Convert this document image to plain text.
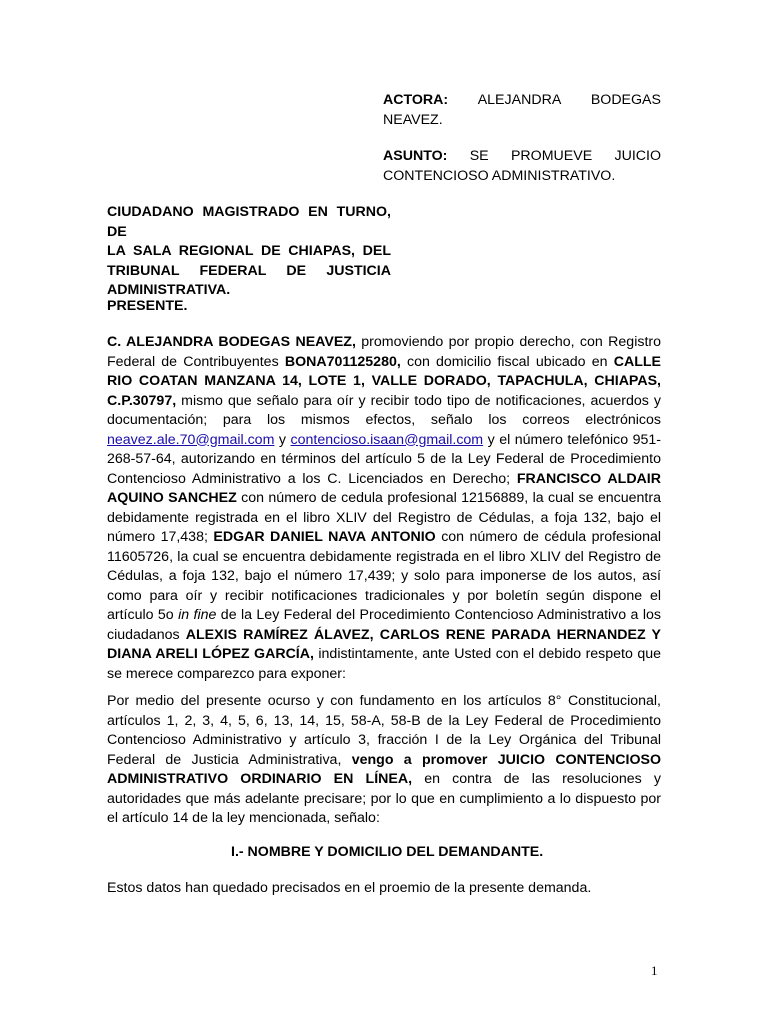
ACTORA: ALEJANDRA BODEGAS
NEAVEZ.
ASUNTO: SE PROMUEVE JUICIO
CONTENCIOSO ADMINISTRATIVO.
CIUDADANO MAGISTRADO EN TURNO, DE
LA SALA REGIONAL DE CHIAPAS, DEL
TRIBUNAL FEDERAL DE JUSTICIA
ADMINISTRATIVA.
PRESENTE.

C. ALEJANDRA BODEGAS NEAVEZ, promoviendo por propio derecho, con Registro Federal de Contribuyentes BONA701125280, con domicilio fiscal ubicado en CALLE RIO COATAN MANZANA 14, LOTE 1, VALLE DORADO, TAPACHULA, CHIAPAS, C.P.30797, mismo que señalo para oír y recibir todo tipo de notificaciones, acuerdos y documentación; para los mismos efectos, señalo los correos electrónicos neavez.ale.70@gmail.com y contencioso.isaan@gmail.com y el número telefónico 951-268-57-64, autorizando en términos del artículo 5 de la Ley Federal de Procedimiento Contencioso Administrativo a los C. Licenciados en Derecho; FRANCISCO ALDAIR AQUINO SANCHEZ con número de cedula profesional 12156889, la cual se encuentra debidamente registrada en el libro XLIV del Registro de Cédulas, a foja 132, bajo el número 17,438; EDGAR DANIEL NAVA ANTONIO con número de cédula profesional 11605726, la cual se encuentra debidamente registrada en el libro XLIV del Registro de Cédulas, a foja 132, bajo el número 17,439; y solo para imponerse de los autos, así como para oír y recibir notificaciones tradicionales y por boletín según dispone el artículo 5o in fine de la Ley Federal del Procedimiento Contencioso Administrativo a los ciudadanos ALEXIS RAMÍREZ ÁLAVEZ, CARLOS RENE PARADA HERNANDEZ Y DIANA ARELI LÓPEZ GARCÍA, indistintamente, ante Usted con el debido respeto que se merece comparezco para exponer:

Por medio del presente ocurso y con fundamento en los artículos 8° Constitucional, artículos 1, 2, 3, 4, 5, 6, 13, 14, 15, 58-A, 58-B de la Ley Federal de Procedimiento Contencioso Administrativo y artículo 3, fracción I de la Ley Orgánica del Tribunal Federal de Justicia Administrativa, vengo a promover JUICIO CONTENCIOSO ADMINISTRATIVO ORDINARIO EN LÍNEA, en contra de las resoluciones y autoridades que más adelante precisare; por lo que en cumplimiento a lo dispuesto por el artículo 14 de la ley mencionada, señalo:

I.- NOMBRE Y DOMICILIO DEL DEMANDANTE.
Estos datos han quedado precisados en el proemio de la presente demanda.
1
